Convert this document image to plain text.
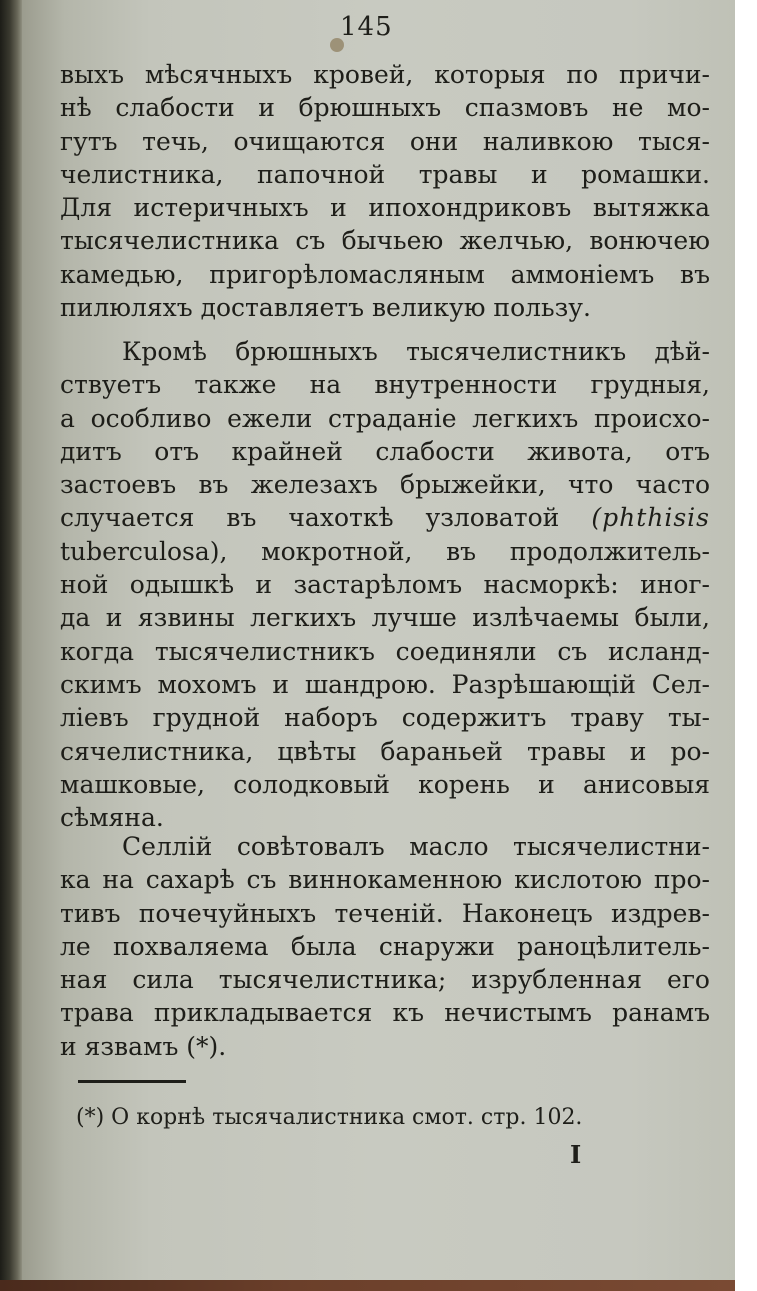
145
выхъ мѣсячныхъ кровей, которыя по причи-
нѣ слабости и брюшныхъ спазмовъ не мо-
гутъ течь, очищаются они наливкою тыся-
челистника, папочной травы и ромашки.
Для истеричныхъ и ипохондриковъ вытяжка
тысячелистника съ бычьею желчью, вонючею
камедью, пригорѣломасляным аммоніемъ въ
пилюляхъ доставляетъ великую пользу.
Кромѣ брюшныхъ тысячелистникъ дѣй-
ствуетъ также на внутренности грудныя,
а особливо ежели страданіе легкихъ происхо-
дитъ отъ крайней слабости живота, отъ
застоевъ въ железахъ брыжейки, что часто
случается въ чахоткѣ узловатой (phthisis
tuberculosa), мокротной, въ продолжитель-
ной одышкѣ и застарѣломъ насморкѣ: иног-
да и язвины легкихъ лучше излѣчаемы были,
когда тысячелистникъ соединяли съ исланд-
скимъ мохомъ и шандрою. Разрѣшающій Сел-
ліевъ грудной наборъ содержитъ траву ты-
сячелистника, цвѣты бараньей травы и ро-
машковые, солодковый корень и анисовыя
сѣмяна.
Селлій совѣтовалъ масло тысячелистни-
ка на сахарѣ съ виннокаменною кислотою про-
тивъ почечуйныхъ теченій. Наконецъ издрев-
ле похваляема была снаружи раноцѣлитель-
ная сила тысячелистника; изрубленная его
трава прикладывается къ нечистымъ ранамъ
и язвамъ (*).
(*) О корнѣ тысячалистника смот. стр. 102.
I
